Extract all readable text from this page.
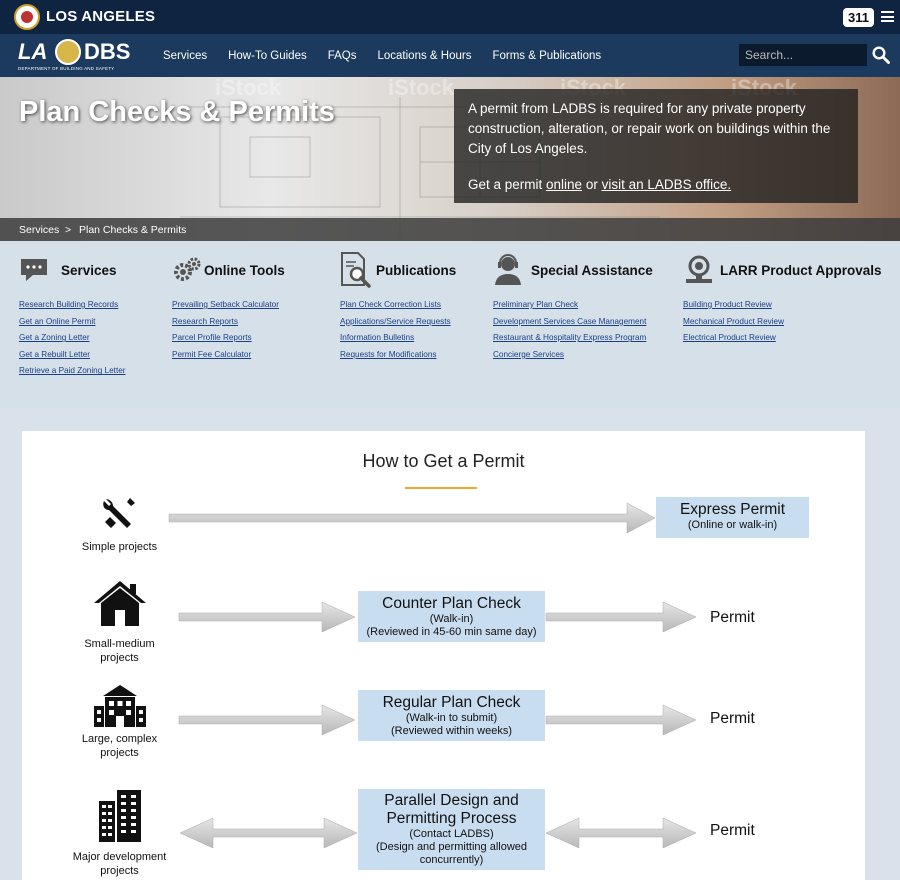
LOS ANGELES	311
LA DBS
DEPARTMENT OF BUILDING AND SAFETY
Services How-To Guides FAQs Locations & Hours Forms & Publications
Search...
iStock	iStock
Plan Checks & Permits	A permit from LADBS is required for any private property construction, alteration, or repair work on buildings within the City of Los Angeles.
Get a permit online or visit an LADBS office.
Services > Plan Checks & Permits
Services
Research Building Records
Get an Online Permit
Get a Zoning Letter
Get a Rebuilt Letter
Retrieve a Paid Zoning Letter
Online Tools
Prevailing Setback Calculator
Research Reports
Parcel Profile Reports
Permit Fee Calculator
Publications
Plan Check Correction Lists
Applications/Service Requests
Information Bulletins
Requests for Modifications
Special Assistance
Preliminary Plan Check
Development Services Case Management
Restaurant & Hospitality Express Program
Concierge Services
LARR Product Approvals
Building Product Review
Mechanical Product Review
Electrical Product Review
How to Get a Permit
Simple projects
Express Permit
(Online or walk-in)
Small-medium projects
Counter Plan Check
(Walk-in)
(Reviewed in 45-60 min same day)
Permit
Large, complex projects
Regular Plan Check
(Walk-in to submit)
(Reviewed within weeks)
Permit
Major development projects
Parallel Design and
Permitting Process
(Contact LADBS)
(Design and permitting allowed
concurrently)
Permit
